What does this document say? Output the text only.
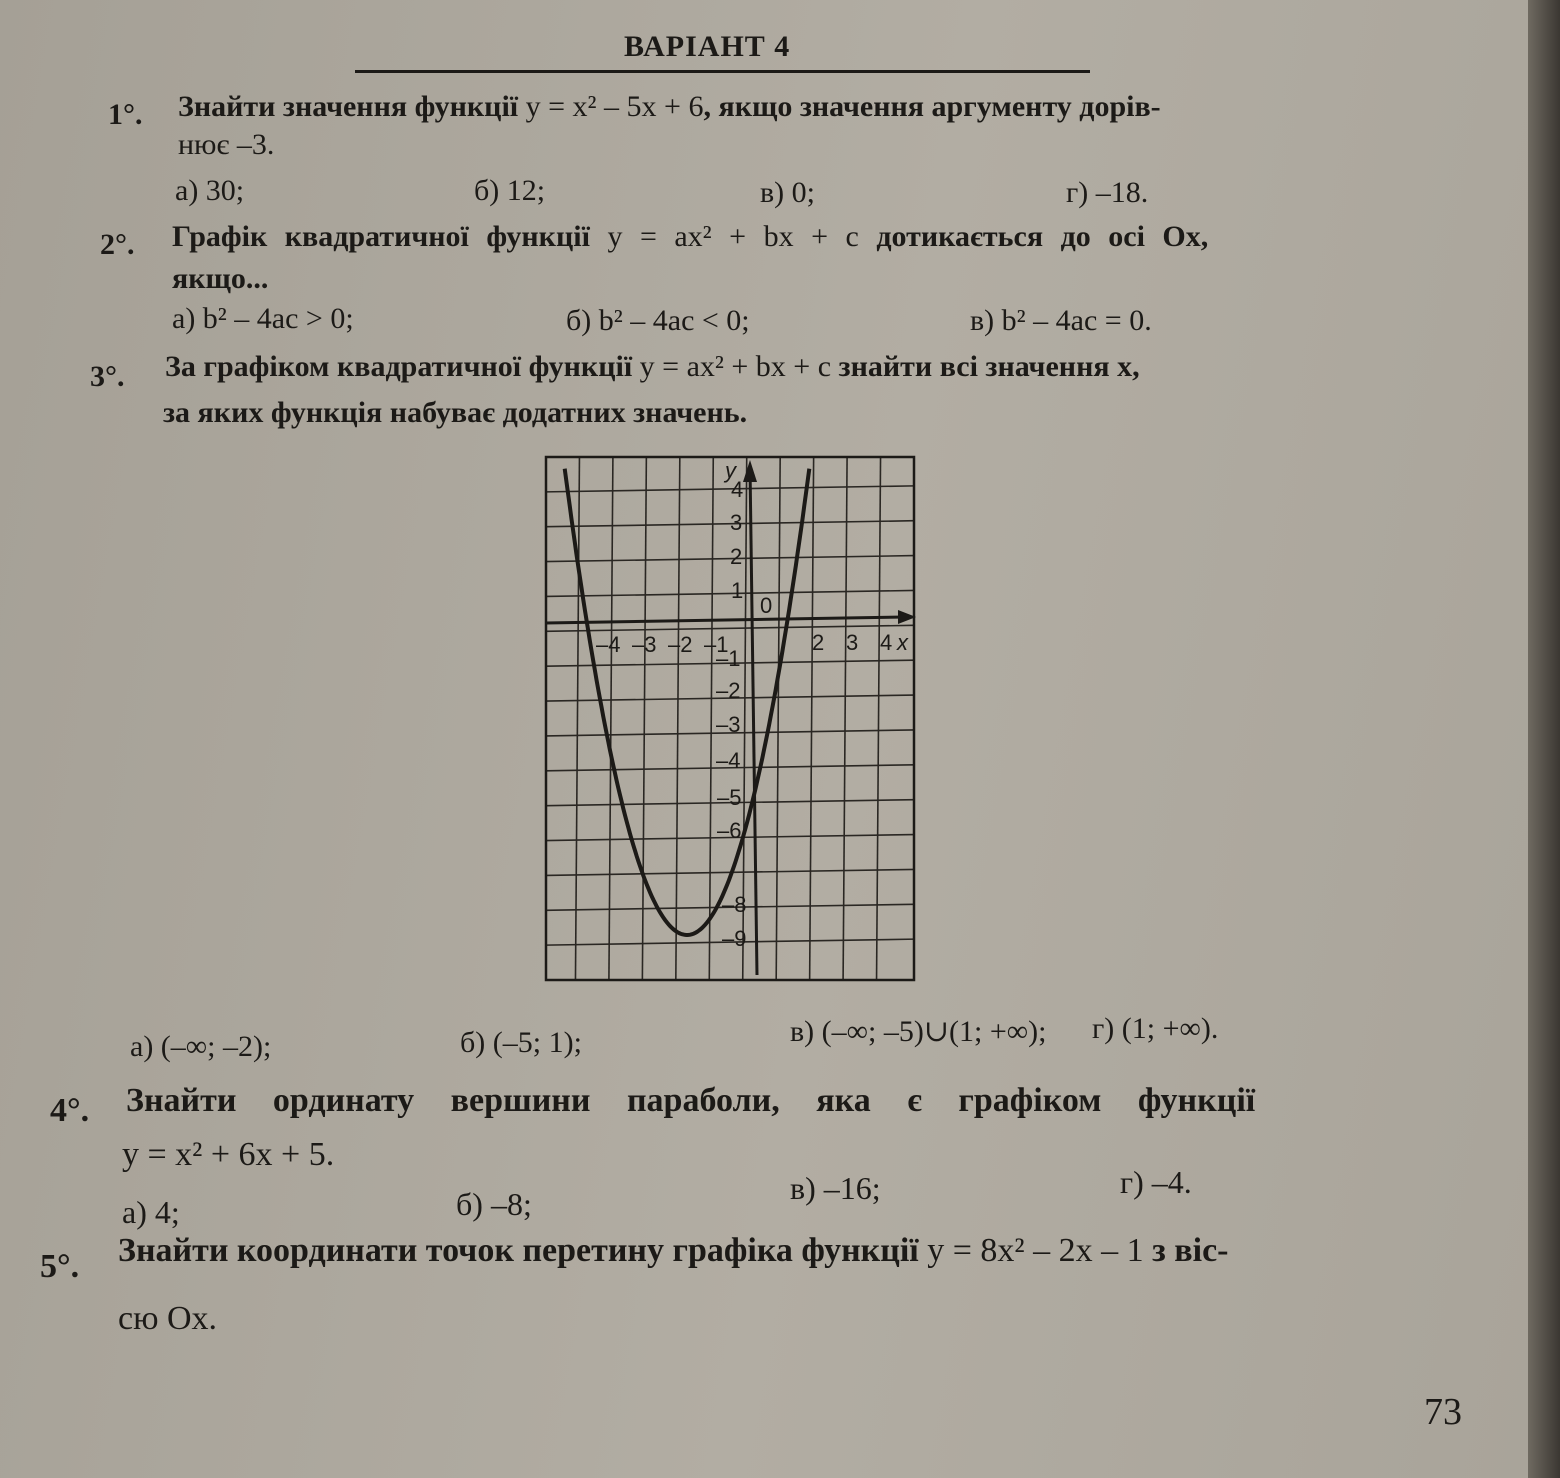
ВАРІАНТ 4
1°. Знайти значення функції y = x² – 5x + 6, якщо значення аргументу дорів-
нює –3.
а) 30;	б) 12;	в) 0;	г) –18.
2°. Графік квадратичної функції y = ax² + bx + c дотикається до осі Ox,
якщо...
а) b² – 4ac > 0;	б) b² – 4ac < 0;	в) b² – 4ac = 0.
3°. За графіком квадратичної функції y = ax² + bx + c знайти всі значення x,
за яких функція набуває додатних значень.
y
x
0
–4 –3 –2 –1	2 3 4
4
3
2
1
–1
–2
–3
–4
–5
–6
–8
–9
а) (–∞; –2);	б) (–5; 1);	в) (–∞; –5)∪(1; +∞); г) (1; +∞).
4°. Знайти ординату вершини параболи, яка є графіком функції
y = x² + 6x + 5.
а) 4;	б) –8;	в) –16;	г) –4.
5°. Знайти координати точок перетину графіка функції y = 8x² – 2x – 1 з віс-
сю Ox.
73
